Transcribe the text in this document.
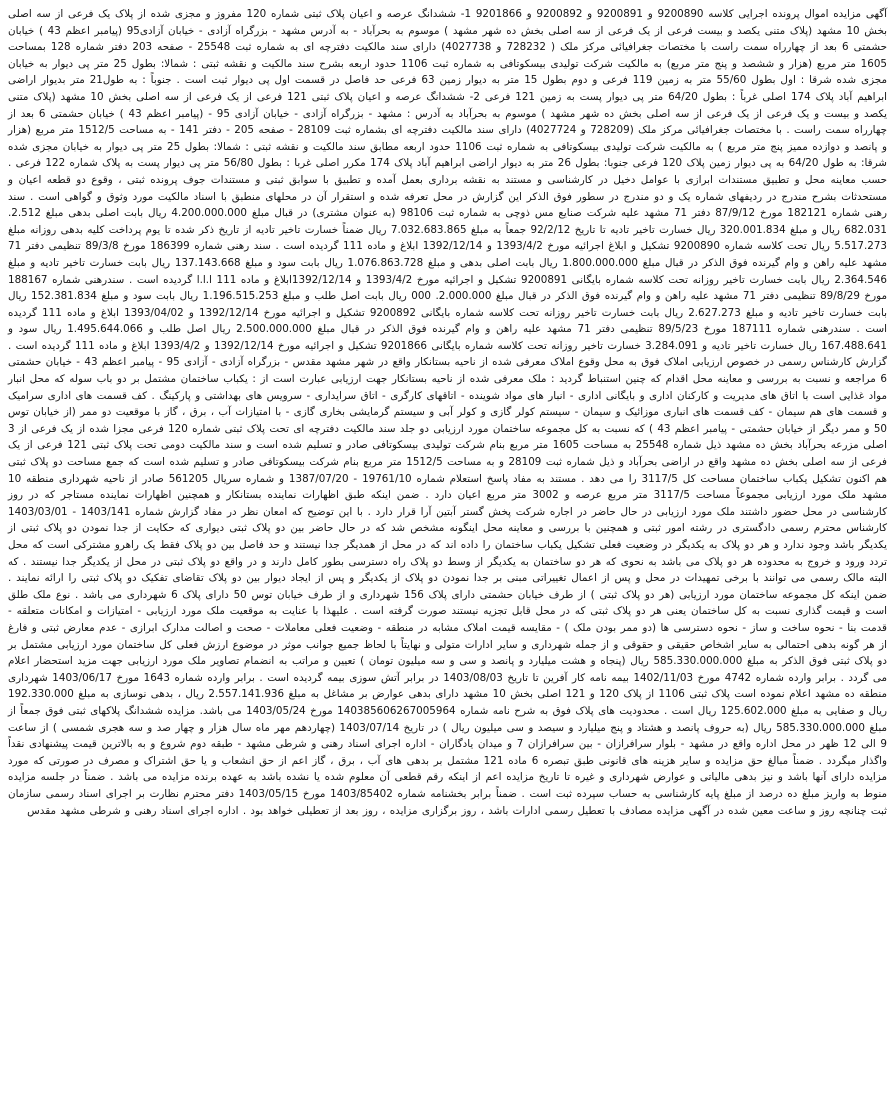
آگهی مزایده اموال پرونده اجرایی کلاسه 9200890 و 9200891 و 9200892 و 9201866 1- ششدانگ عرصه و اعیان پلاک ثبتی شماره 120 مفروز و مجزی شده از پلاک یک فرعی از سه اصلی بخش 10 مشهد (پلاک متنی یکصد و بیست فرعی از یک فرعی از سه اصلی بخش ده شهر مشهد ) موسوم به بحرآباد - به آدرس مشهد - بزرگراه آزادی - خیابان آزادی95 (پیامبر اعظم 43 ) خیابان حشمتی 6 بعد از چهارراه سمت راست با مختصات جغرافیائی مرکز ملک ( 728232 و 4027738) دارای سند مالکیت دفترچه ای به شماره ثبت 25548 - صفحه 203 دفتر شماره 128 بمساحت 1605 متر مربع (هزار و ششصد و پنج متر مربع) به مالکیت شرکت تولیدی بیسکوتافی به شماره ثبت 1106 حدود اربعه بشرح سند مالکیت و نقشه ثبتی : شمالا: بطول 25 متر پی دیوار به خیابان مجزی شده شرقا : اول بطول 55/60 متر به زمین 119 فرعی و دوم بطول 15 متر به دیوار زمین 63 فرعی حد فاصل در قسمت اول پی دیوار ثبت است . جنوباً : به طول21 متر بدیوار اراضی ابراهیم آباد پلاک 174 اصلی غرباً : بطول 64/20 متر پی دیوار پست به زمین 121 فرعی 2- ششدانگ عرصه و اعیان پلاک ثبتی 121 فرعی از یک فرعی از سه اصلی بخش 10 مشهد (پلاک متنی یکصد و بیست و یک فرعی از یک فرعی از سه اصلی بخش ده شهر مشهد ) موسوم به بحرآباد به آدرس : مشهد - بزرگراه آزادی - خیابان آزادی 95 - (پیامبر اعظم 43 ) خیابان حشمتی 6 بعد از چهارراه سمت راست . با مختصات جغرافیائی مرکز ملک (728209 و 4027724) دارای سند مالکیت دفترچه ای بشماره ثبت 28109 - صفحه 205 - دفتر 141 - به مساحت 1512/5 متر مربع (هزار و پانصد و دوازده ممیز پنج متر مربع ) به مالکیت شرکت تولیدی بیسکوتافی به شماره ثبت 1106 حدود اربعه مطابق سند مالکیت و نقشه ثبتی : شمالا: بطول 25 متر پی دیوار به خیابان مجزی شده شرقا: به طول 64/20 به پی دیوار زمین پلاک 120 فرعی جنوبا: بطول 26 متر به دیوار اراضی ابراهیم آباد پلاک 174 مکرر اصلی غربا : بطول 56/80 متر پی دیوار پست به پلاک شماره 122 فرعی . حسب معاینه محل و تطبیق مستندات ابرازی با عوامل دخیل در کارشناسی و مستند به نقشه برداری بعمل آمده و تطبیق با سوابق ثبتی و مستندات جوف پرونده ثبتی ، وقوع دو قطعه اعیان و مستحدثات بشرح مندرج در ردیفهای شماره یک و دو مندرج در سطور فوق الذکر این گزارش در محل تعرفه شده و استقرار آن در محلهای منطبق با اسناد مالکیت مورد وثوق و گواهی است . سند رهنی شماره 182121 مورخ 87/9/12 دفتر 71 مشهد علیه شرکت صنایع مس ذوچی به شماره ثبت 98106 (به عنوان مشتری) در قبال مبلغ 4.200.000.000 ریال بابت اصلی بدهی مبلغ 2.512. 682.031 ریال و مبلغ 320.001.834 ریال خسارت تاخیر تادیه تا تاریخ 92/2/12 جمعاً به مبلغ 7.032.683.865 ریال ضمناً خسارت تاخیر تادیه از تاریخ ذکر شده تا یوم پرداخت کلیه بدهی روزانه مبلغ 5.517.273 ریال تحت کلاسه شماره 9200890 تشکیل و ابلاغ اجرائیه مورخ 1393/4/2 و 1392/12/14 ابلاغ و ماده 111 گردیده است . سند رهنی شماره 186399 مورخ 89/3/8 تنظیمی دفتر 71 مشهد علیه راهن و وام گیرنده فوق الذکر در قبال مبلغ 1.800.000.000 ریال بابت اصلی بدهی و مبلغ 1.076.863.728 ریال بابت سود و مبلغ 137.143.668 ریال بابت خسارت تاخیر تادیه و مبلغ 2.364.546 ریال بابت خسارت تاخیر روزانه تحت کلاسه شماره بایگانی 9200891 تشکیل و اجرائیه مورخ 1393/4/2 و 1392/12/14ابلاغ و ماده 111 ا.ا.ا گردیده است . سندرهنی شماره 188167 مورخ 89/8/29 تنظیمی دفتر 71 مشهد علیه راهن و وام گیرنده فوق الذکر در قبال مبلغ 2.000.000. 000 ریال بابت اصل طلب و مبلغ 1.196.515.253 ریال بابت سود و مبلغ 152.381.834 ریال بابت خسارت تاخیر تادیه و مبلغ 2.627.273 ریال بابت خسارت تاخیر روزانه تحت کلاسه شماره بایگانی 9200892 تشکیل و اجرائیه مورخ 1392/12/14 و 1393/04/02 ابلاغ و ماده 111 گردیده است . سندرهنی شماره 187111 مورخ 89/5/23 تنظیمی دفتر 71 مشهد علیه راهن و وام گیرنده فوق الذکر در قبال مبلغ 2.500.000.000 ریال اصل طلب و 1.495.644.066 ریال سود و 167.488.641 ریال خسارت تاخیر تادیه و 3.284.091 خسارت تاخیر روزانه تحت کلاسه شماره بایگانی 9201866 تشکیل و اجرائیه مورخ 1392/12/14 و 1393/4/2 ابلاغ و ماده 111 گردیده است . گزارش کارشناس رسمی در خصوص ارزیابی املاک فوق به محل وقوع املاک معرفی شده از ناحیه بستانکار واقع در شهر مشهد مقدس - بزرگراه آزادی - آزادی 95 - پیامبر اعظم 43 - خیابان حشمتی 6 مراجعه و نسبت به بررسی و معاینه محل اقدام که چنین استنباط گردید : ملک معرفی شده از ناحیه بستانکار جهت ارزیابی عبارت است از : یکباب ساختمان مشتمل بر دو باب سوله که محل انبار مواد غذایی است با اتاق های مدیریت و کارکنان اداری و بایگانی اداری - انبار های مواد شوینده - اتاقهای کارگری - اتاق سرایداری - سرویس های بهداشتی و پارکینگ . کف قسمت های اداری سرامیک و قسمت های هم سیمان - کف قسمت های انباری موزائیک و سیمان - سیستم کولر گازی و کولر آبی و سیستم گرمایشی بخاری گازی - با امتیازات آب ، برق ، گاز با موقعیت دو ممر (از خیابان توس 50 و ممر دیگر از خیابان حشمتی - پیامبر اعظم 43 ) که نسبت به کل مجموعه ساختمان مورد ارزیابی دو جلد سند مالکیت دفترچه ای تحت پلاک ثبتی شماره 120 فرعی مجزا شده از یک فرعی از 3 اصلی مزرعه بحرآباد بخش ده مشهد ذیل شماره 25548 به مساحت 1605 متر مربع بنام شرکت تولیدی بیسکوتافی صادر و تسلیم شده است و سند مالکیت دومی تحت پلاک ثبتی 121 فرعی از یک فرعی از سه اصلی بخش ده مشهد واقع در اراضی بحرآباد و ذیل شماره ثبت 28109 و به مساحت 1512/5 متر مربع بنام شرکت بیسکوتافی صادر و تسلیم شده است که جمع مساحت دو پلاک ثبتی هم اکنون تشکیل یکباب ساختمان مساحت کل 3117/5 را می دهد . مستند به مفاد پاسخ استعلام شماره 19761/10 - 1387/07/20 و شماره سریال 561205 صادر از ناحیه شهرداری منطقه 10 مشهد ملک مورد ارزیابی مجموعاً مساحت 3117/5 متر مربع عرصه و 3002 متر مربع اعیان دارد . ضمن اینکه طبق اظهارات نماینده بستانکار و همچنین اظهارات نماینده مستاجر که در روز کارشناسی در محل حضور داشتند ملک مورد ارزیابی در حال حاضر در اجاره شرکت پخش گستر آبتین آرا قرار دارد . با این توضیح که امعان نظر در مفاد گزارش شماره 1403/141 - 1403/03/01 کارشناس محترم رسمی دادگستری در رشته امور ثبتی و همچنین با بررسی و معاینه محل اینگونه مشخص شد که در حال حاضر بین دو پلاک ثبتی دیواری که حکایت از جدا نمودن دو پلاک ثبتی از یکدیگر باشد وجود ندارد و هر دو پلاک به یکدیگر در وضعیت فعلی تشکیل یکباب ساختمان را داده اند که در محل از همدیگر جدا نیستند و حد فاصل بین دو پلاک فقط یک راهرو مشترکی است که محل تردد ورود و خروج به محدوده هر دو پلاک می باشد به نحوی که هر دو ساختمان به یکدیگر از وسط دو پلاک راه دسترسی بطور کامل دارند و در واقع دو پلاک ثبتی در محل از یکدیگر جدا نیستند . که البته مالک رسمی می توانند با برخی تمهیدات در محل و پس از اعمال تغییراتی مبنی بر جدا نمودن دو پلاک از یکدیگر و پس از ایجاد دیوار بین دو پلاک تقاضای تفکیک دو پلاک ثبتی را ارائه نمایند . ضمن اینکه کل مجموعه ساختمان مورد ارزیابی (هر دو پلاک ثبتی ) از طرف خیابان حشمتی دارای پلاک 156 شهرداری و از طرف خیابان توس 50 دارای پلاک 6 شهرداری می باشد . نوع ملک طلق است و قیمت گذاری نسبت به کل ساختمان یعنی هر دو پلاک ثبتی که در محل قابل تجزیه نیستند صورت گرفته است . علیهذا با عنایت به موقعیت ملک مورد ارزیابی - امتیازات و امکانات متعلقه - قدمت بنا - نحوه ساخت و ساز - نحوه دسترسی ها (دو ممر بودن ملک ) - مقایسه قیمت املاک مشابه در منطقه - وضعیت فعلی معاملات - صحت و اصالت مدارک ابرازی - عدم معارض ثبتی و فارغ از هر گونه بدهی احتمالی به سایر اشخاص حقیقی و حقوقی و از جمله شهرداری و سایر ادارات متولی و نهایتاً با لحاظ جمیع جوانب موثر در موضوع ارزش فعلی کل ساختمان مورد ارزیابی مشتمل بر دو پلاک ثبتی فوق الذکر به مبلغ 585.330.000.000 ریال (پنجاه و هشت میلیارد و پانصد و سی و سه میلیون تومان ) تعیین و مراتب به انضمام تصاویر ملک مورد ارزیابی جهت مزید استحضار اعلام می گردد . برابر وارده شماره 4742 مورخ 1402/11/03 بیمه نامه کار آفرین تا تاریخ 1403/08/03 در برابر آتش سوزی بیمه گردیده است . برابر وارده شماره 1643 مورخ 1403/06/17 شهرداری منطقه ده مشهد اعلام نموده است پلاک ثبتی 1106 از پلاک 120 و 121 اصلی بخش 10 مشهد دارای بدهی عوارض بر مشاغل به مبلغ 2.557.141.936 ریال ، بدهی نوسازی به مبلغ 192.330.000 ریال و صفایی به مبلغ 125.602.000 ریال است . محدودیت های پلاک فوق به شرح نامه شماره 140385606267005964 مورخ 1403/05/24 می باشد. مزایده ششدانگ پلاکهای ثبتی فوق جمعاً از مبلغ 585.330.000.000 ریال (به حروف پانصد و هشتاد و پنج میلیارد و سیصد و سی میلیون ریال ) در تاریخ 1403/07/14 (چهاردهم مهر ماه سال هزار و چهار صد و سه هجری شمسی ) از ساعت 9 الی 12 ظهر در محل اداره واقع در مشهد - بلوار سرافرازان - بین سرافرازان 7 و میدان یادگاران - اداره اجرای اسناد رهنی و شرطی مشهد - طبقه دوم شروع و به بالاترین قیمت پیشنهادی نقداً واگذار میگردد . ضمناً مبالغ حق مزایده و سایر هزینه های قانونی طبق تبصره 6 ماده 121 مشتمل بر بدهی های آب ، برق ، گاز اعم از حق انشعاب و یا حق اشتراک و مصرف در صورتی که مورد مزایده دارای آنها باشد و نیز بدهی مالیاتی و عوارض شهرداری و غیره تا تاریخ مزایده اعم از اینکه رقم قطعی آن معلوم شده یا نشده باشد به عهده برنده مزایده می باشد . ضمناً در جلسه مزایده منوط به واریز مبلغ ده درصد از مبلغ پایه کارشناسی به حساب سپرده ثبت است . ضمناً برابر بخشنامه شماره 1403/85402 مورخ 1403/05/15 دفتر محترم نظارت بر اجرای اسناد رسمی سازمان ثبت چنانچه روز و ساعت معین شده در آگهی مزایده مصادف با تعطیل رسمی ادارات باشد ، روز برگزاری مزایده ، روز بعد از تعطیلی خواهد بود . اداره اجرای اسناد رهنی و شرطی مشهد مقدس
